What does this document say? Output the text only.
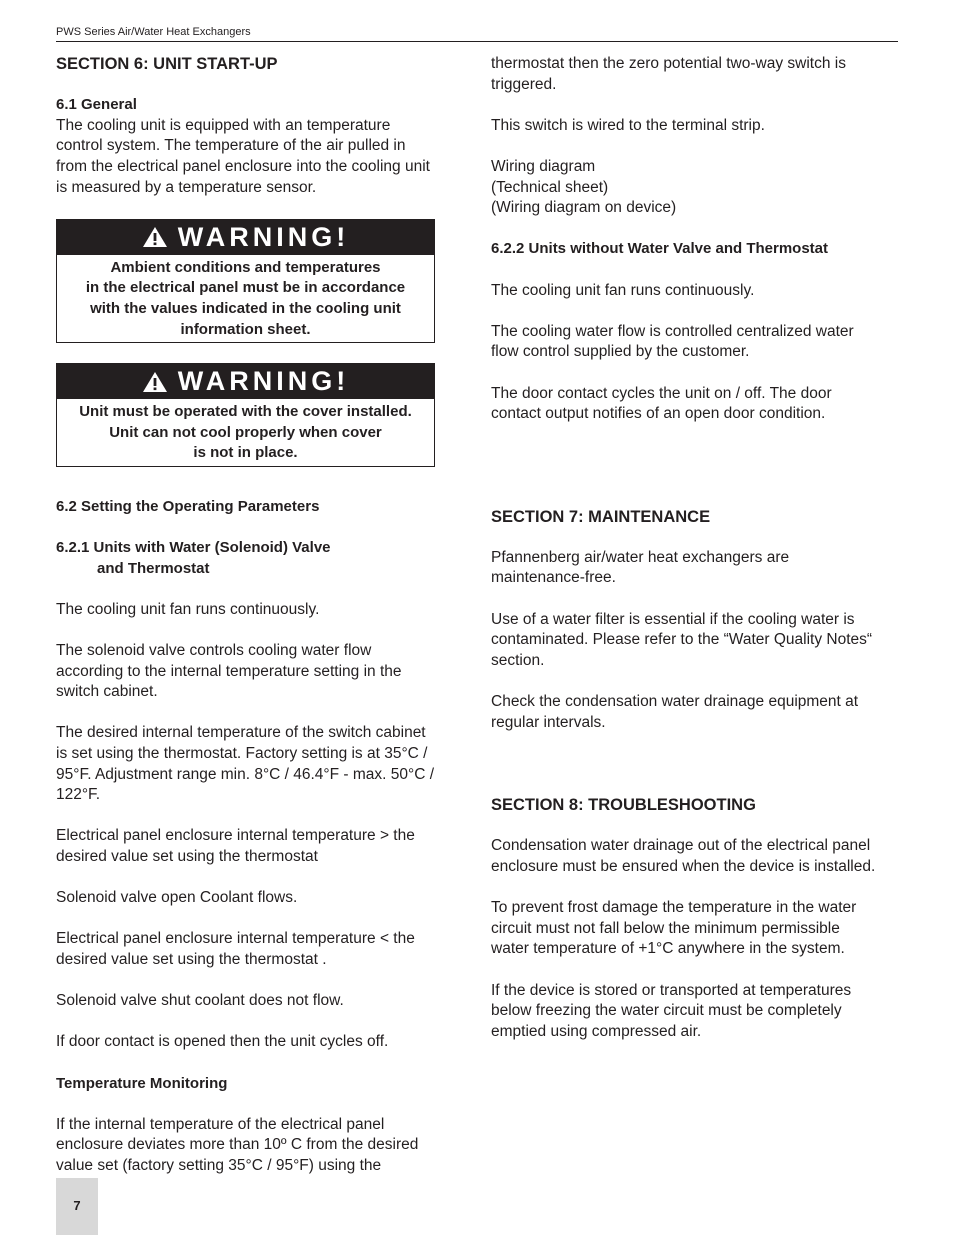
PWS Series Air/Water Heat Exchangers
SECTION 6: UNIT START-UP
6.1 General
The cooling unit is equipped with an temperature control system. The temperature of the air pulled in from the electrical panel enclosure into the cooling unit is measured by a temperature sensor.
WARNING!
Ambient conditions and temperatures
in the electrical panel must be in accordance
with the values indicated in the cooling unit
information sheet.
WARNING!
Unit must be operated with the cover installed.
Unit can not cool properly when cover
is not in place.
6.2 Setting the Operating Parameters
6.2.1 Units with Water (Solenoid) Valve
and Thermostat
The cooling unit fan runs continuously.
The solenoid valve controls cooling water flow according to the internal temperature setting in the switch cabinet.
The desired internal temperature of the switch cabinet is set using the thermostat. Factory setting is at 35°C / 95°F. Adjustment range min. 8°C / 46.4°F - max. 50°C / 122°F.
Electrical panel enclosure internal temperature > the desired value set using the thermostat
Solenoid valve open Coolant flows.
Electrical panel enclosure internal temperature < the desired value set using the thermostat .
Solenoid valve shut coolant does not flow.
If door contact is opened then the unit cycles off.
Temperature Monitoring
If the internal temperature of the electrical panel enclosure deviates more than 10º C from the desired value set (factory setting 35°C / 95°F) using the
thermostat then the zero potential two-way switch is triggered.
This switch is wired to the terminal strip.
Wiring diagram
(Technical sheet)
(Wiring diagram on device)
6.2.2 Units without Water Valve and Thermostat
The cooling unit fan runs continuously.
The cooling water flow is controlled centralized water flow control supplied by the customer.
The door contact cycles the unit on / off. The door contact output notifies of an open door condition.
SECTION 7: MAINTENANCE
Pfannenberg air/water heat exchangers are maintenance-free.
Use of a water filter is essential if the cooling water is contaminated. Please refer to the “Water Quality Notes“ section.
Check the condensation water drainage equipment at regular intervals.
SECTION 8: TROUBLESHOOTING
Condensation water drainage out of the electrical panel enclosure must be ensured when the device is installed.
To prevent frost damage the temperature in the water circuit must not fall below the minimum permissible water temperature of +1°C anywhere in the system.
If the device is stored or transported at temperatures below freezing the water circuit must be completely emptied using compressed air.
7
